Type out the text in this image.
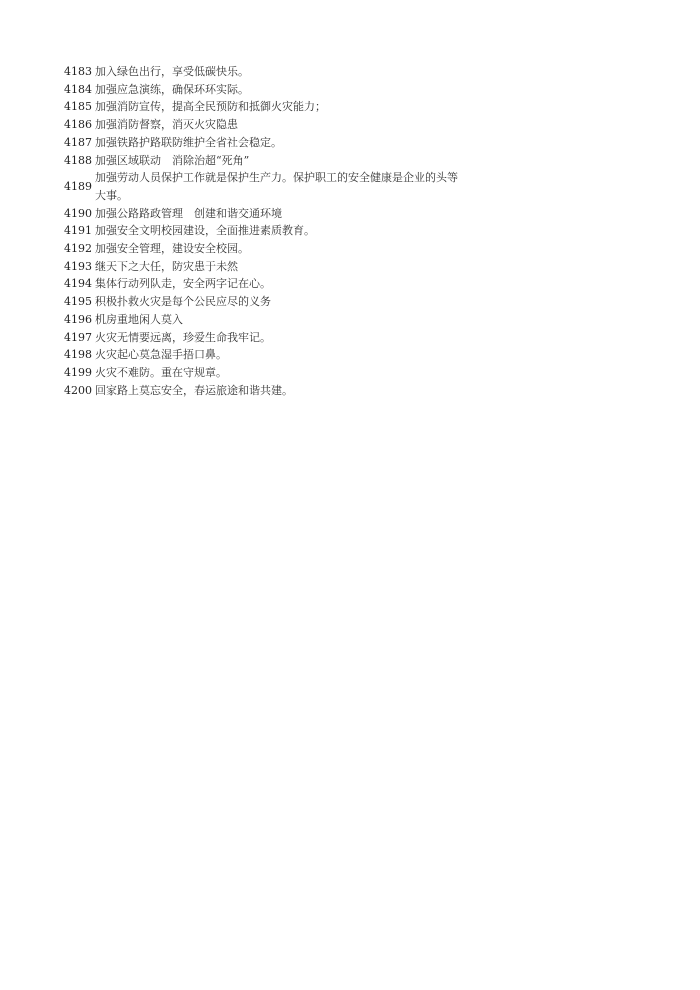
4183 加入绿色出行，享受低碳快乐。
4184 加强应急演练，确保环环实际。
4185 加强消防宣传，提高全民预防和抵御火灾能力；
4186 加强消防督察，消灭火灾隐患
4187 加强铁路护路联防维护全省社会稳定。
4188 加强区域联动　消除治超“死角”
4189
加强劳动人员保护工作就是保护生产力。保护职工的安全健康是企业的头等大事。
4190 加强公路路政管理　创建和谐交通环境
4191 加强安全文明校园建设，全面推进素质教育。
4192 加强安全管理，建设安全校园。
4193 继天下之大任，防灾患于未然
4194 集体行动列队走，安全两字记在心。
4195 积极扑救火灾是每个公民应尽的义务
4196 机房重地闲人莫入
4197 火灾无情要远离，珍爱生命我牢记。
4198 火灾起心莫急湿手捂口鼻。
4199 火灾不难防。重在守规章。
4200 回家路上莫忘安全，春运旅途和谐共建。
